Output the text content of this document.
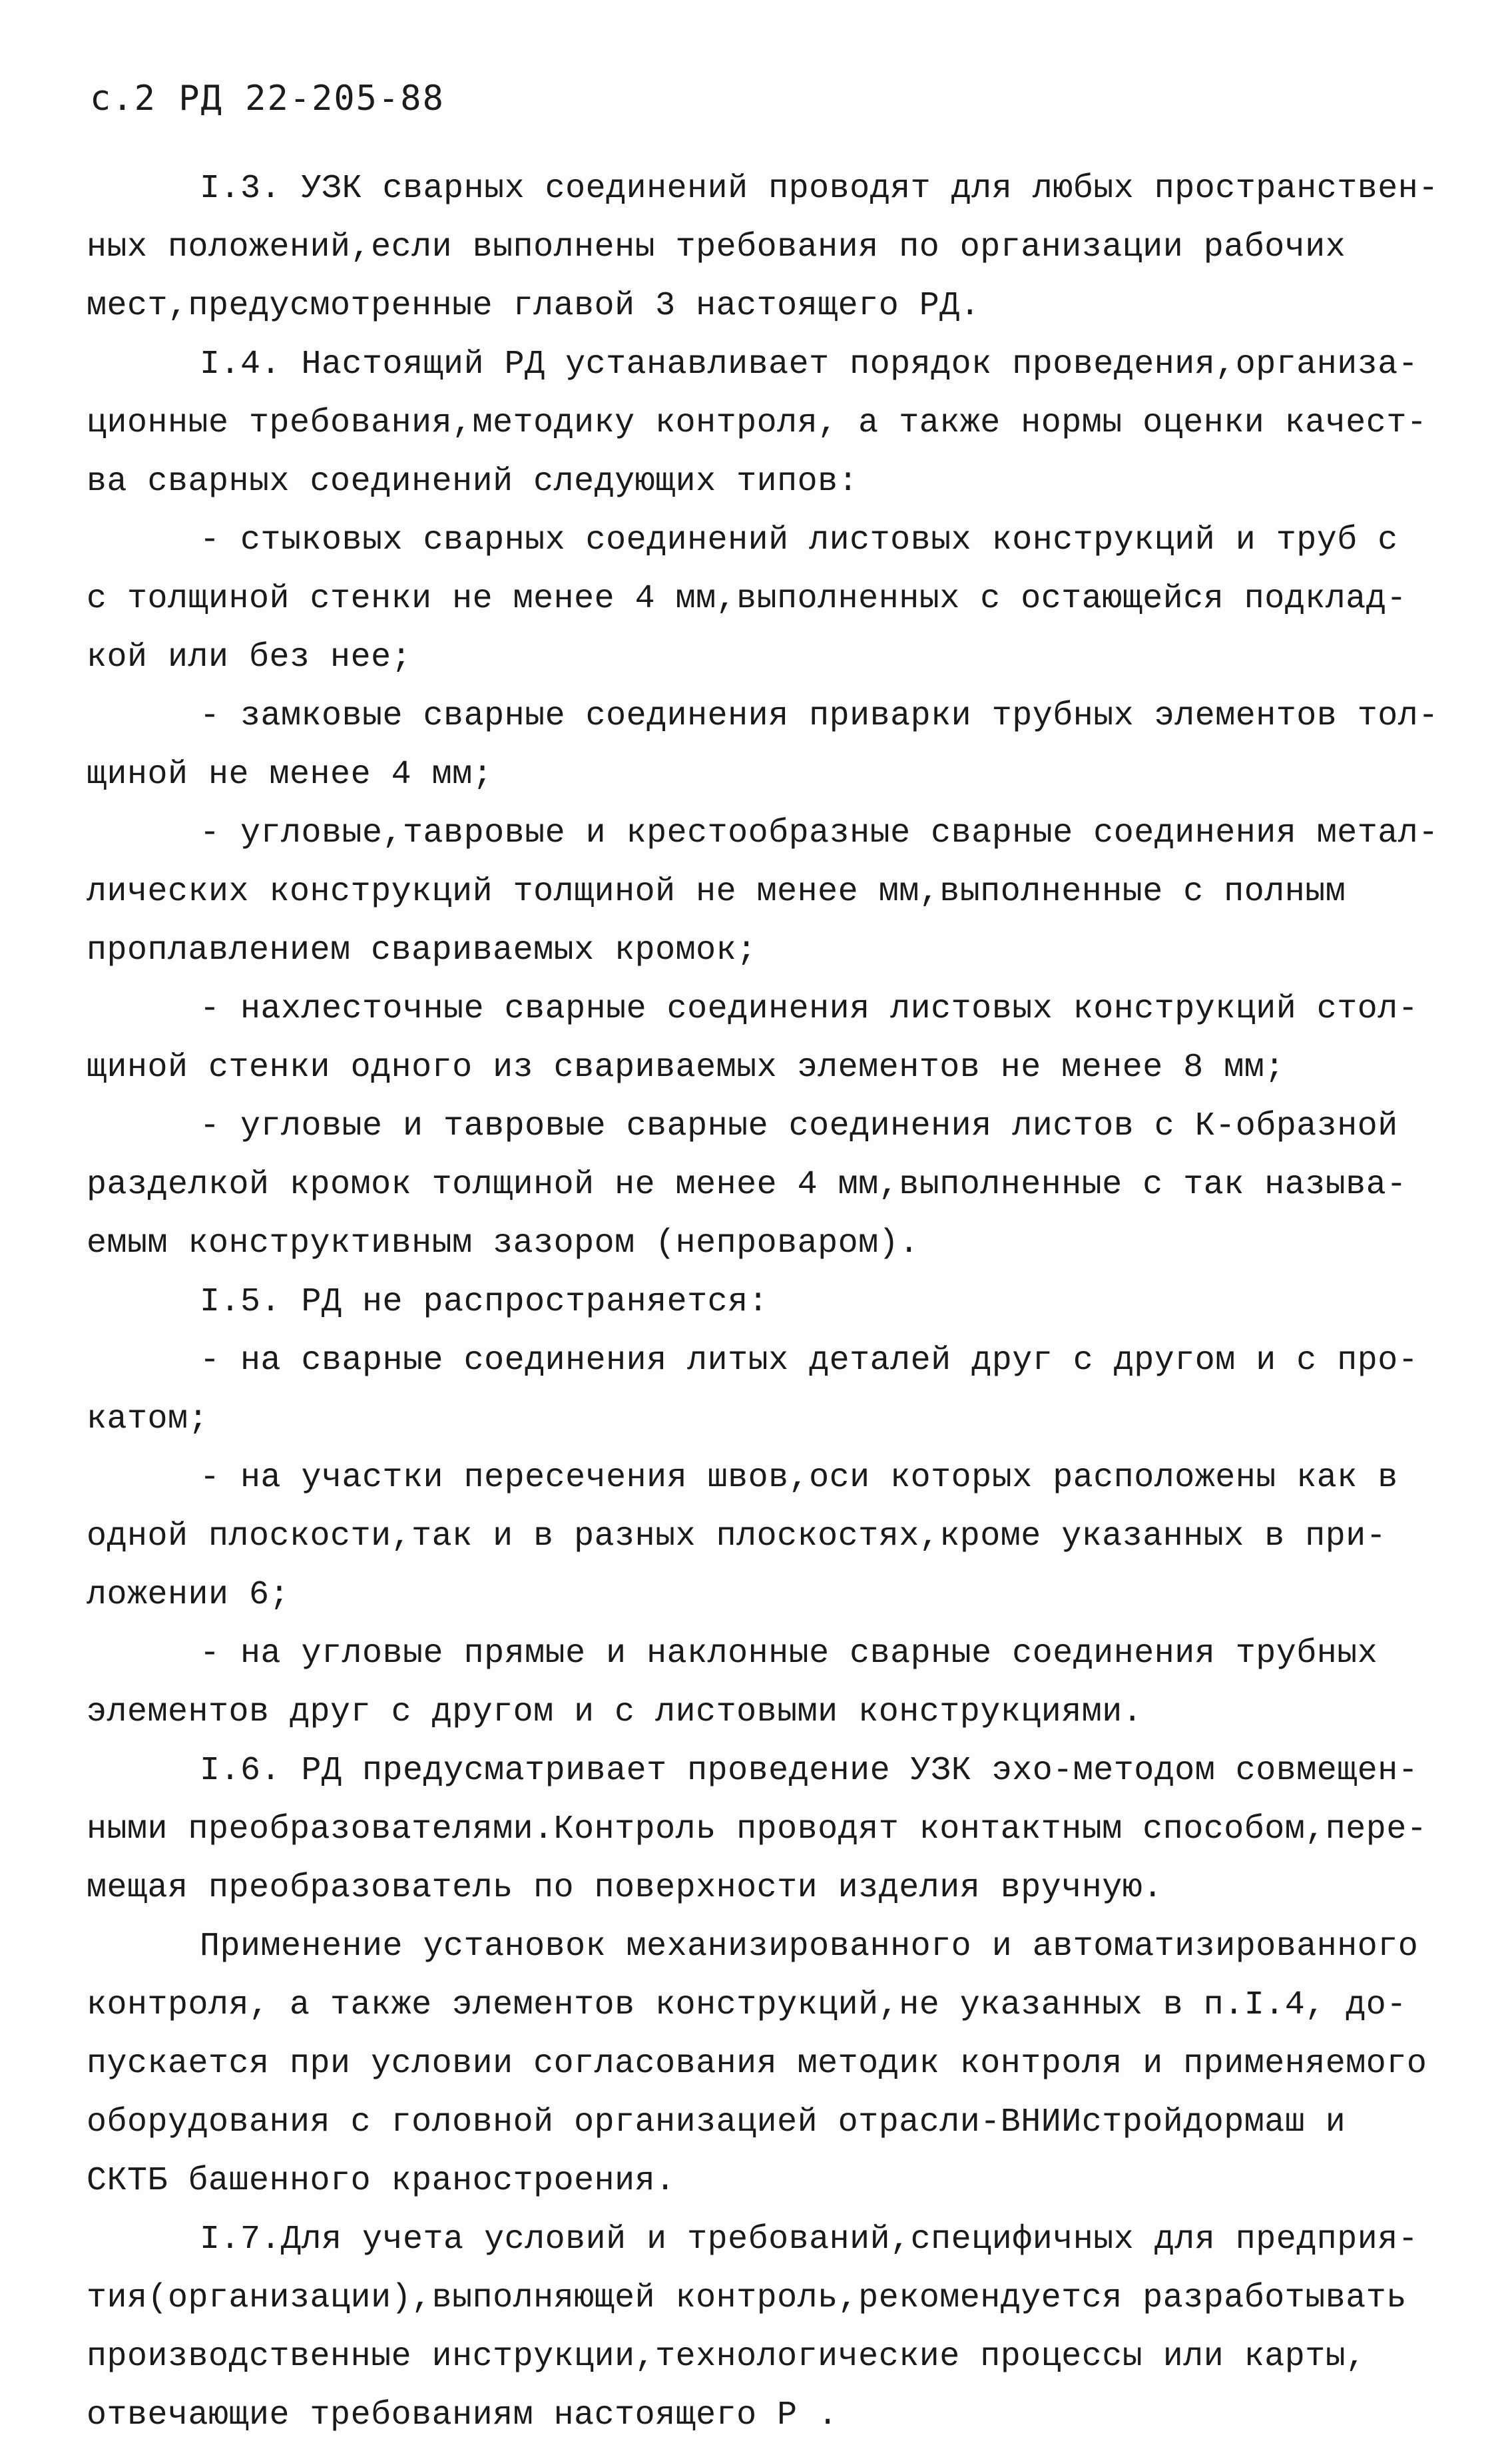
с.2 РД 22-205-88
I.3. УЗК сварных соединений проводят для любых пространствен-
ных положений,если выполнены требования по организации рабочих
мест,предусмотренные главой 3 настоящего РД.
I.4. Настоящий РД устанавливает порядок проведения,организа-
ционные требования,методику контроля, а также нормы оценки качест-
ва сварных соединений следующих типов:
- стыковых сварных соединений листовых конструкций и труб с
с толщиной стенки не менее 4 мм,выполненных с остающейся подклад-
кой или без нее;
- замковые сварные соединения приварки трубных элементов тол-
щиной не менее 4 мм;
- угловые,тавровые и крестообразные сварные соединения метал-
лических конструкций толщиной не менее мм,выполненные с полным
проплавлением свариваемых кромок;
- нахлесточные сварные соединения листовых конструкций стол-
щиной стенки одного из свариваемых элементов не менее 8 мм;
- угловые и тавровые сварные соединения листов с К-образной
разделкой кромок толщиной не менее 4 мм,выполненные с так называ-
емым конструктивным зазором (непроваром).
I.5. РД не распространяется:
- на сварные соединения литых деталей друг с другом и с про-
катом;
- на участки пересечения швов,оси которых расположены как в
одной плоскости,так и в разных плоскостях,кроме указанных в при-
ложении 6;
- на угловые прямые и наклонные сварные соединения трубных
элементов друг с другом и с листовыми конструкциями.
I.6. РД предусматривает проведение УЗК эхо-методом совмещен-
ными преобразователями.Контроль проводят контактным способом,пере-
мещая преобразователь по поверхности изделия вручную.
Применение установок механизированного и автоматизированного
контроля, а также элементов конструкций,не указанных в п.I.4, до-
пускается при условии согласования методик контроля и применяемого
оборудования с головной организацией отрасли-ВНИИстройдормаш и
СКТБ башенного краностроения.
I.7.Для учета условий и требований,специфичных для предприя-
тия(организации),выполняющей контроль,рекомендуется разработывать
производственные инструкции,технологические процессы или карты,
отвечающие требованиям настоящего Р .
